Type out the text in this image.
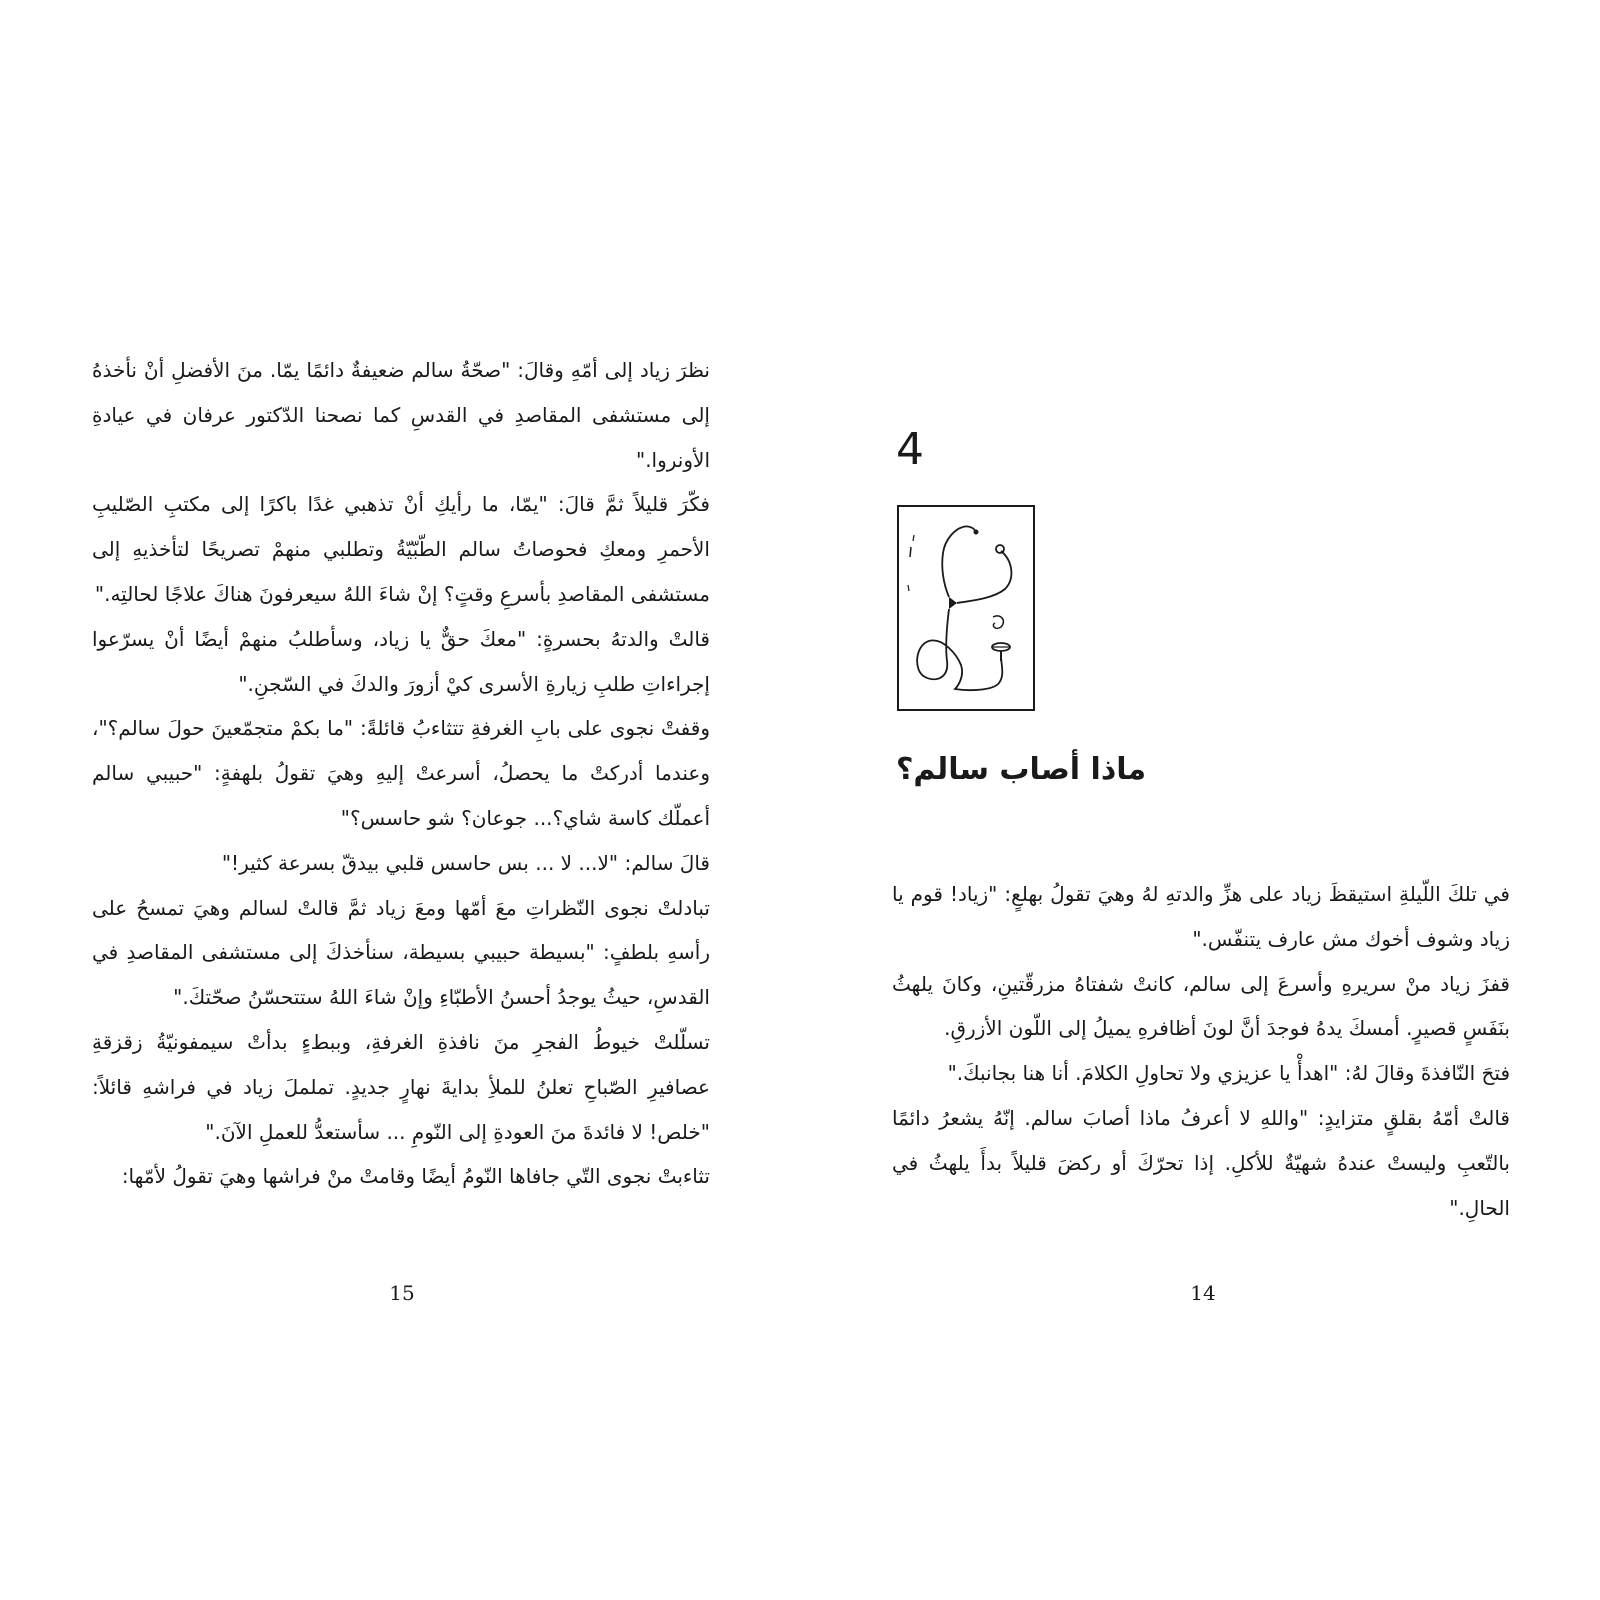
نظرَ زياد إلى أمّهِ وقالَ: "صحّةُ سالم ضعيفةٌ دائمًا يمّا. منَ الأفضلِ أنْ نأخذهُ إلى مستشفى المقاصدِ في القدسِ كما نصحنا الدّكتور عرفان في عيادةِ الأونروا."

فكّرَ قليلاً ثمَّ قالَ: "يمّا، ما رأيكِ أنْ تذهبي غدًا باكرًا إلى مكتبِ الصّليبِ الأحمرِ ومعكِ فحوصاتُ سالم الطّبّيّةُ وتطلبي منهمْ تصريحًا لتأخذيهِ إلى مستشفى المقاصدِ بأسرعِ وقتٍ؟ إنْ شاءَ اللهُ سيعرفونَ هناكَ علاجًا لحالتِه."

قالتْ والدتهُ بحسرةٍ: "معكَ حقٌّ يا زياد، وسأطلبُ منهمْ أيضًا أنْ يسرّعوا إجراءاتِ طلبِ زيارةِ الأسرى كيْ أزورَ والدكَ في السّجنِ."

وقفتْ نجوى على بابِ الغرفةِ تتثاءبُ قائلةً: "ما بكمْ متجمّعينَ حولَ سالم؟"، وعندما أدركتْ ما يحصلُ، أسرعتْ إليهِ وهيَ تقولُ بلهفةٍ: "حبيبي سالم أعملّك كاسة شاي؟... جوعان؟ شو حاسس؟"

قالَ سالم: "لا... لا ... بس حاسس قلبي بيدقّ بسرعة كثير!"

تبادلتْ نجوى النّظراتِ معَ أمّها ومعَ زياد ثمَّ قالتْ لسالم وهيَ تمسحُ على رأسهِ بلطفٍ: "بسيطة حبيبي بسيطة، سنأخذكَ إلى مستشفى المقاصدِ في القدسِ، حيثُ يوجدُ أحسنُ الأطبّاءِ وإنْ شاءَ اللهُ ستتحسّنُ صحّتكَ."

تسلّلتْ خيوطُ الفجرِ منَ نافذةِ الغرفةِ، وببطءٍ بدأتْ سيمفونيّةُ زقزقةِ عصافيرِ الصّباحِ تعلنُ للملأِ بدايةَ نهارٍ جديدٍ. تململَ زياد في فراشهِ قائلاً: "خلص! لا فائدةَ منَ العودةِ إلى النّومِ ... سأستعدُّ للعملِ الآنَ."

تثاءبتْ نجوى التّي جافاها النّومُ أيضًا وقامتْ منْ فراشها وهيَ تقولُ لأمّها:

15
4
ماذا أصاب سالم؟

في تلكَ اللّيلةِ استيقظَ زياد على هزِّ والدتهِ لهُ وهيَ تقولُ بهلعٍ: "زياد! قوم يا زياد وشوف أخوك مش عارف يتنفّس."

قفزَ زياد منْ سريرهِ وأسرعَ إلى سالم، كانتْ شفتاهُ مزرقّتينِ، وكانَ يلهثُ بنَفَسٍ قصيرٍ. أمسكَ يدهُ فوجدَ أنَّ لونَ أظافرهِ يميلُ إلى اللّون الأزرقِ.

فتحَ النّافذةَ وقالَ لهُ: "اهدأْ يا عزيزي ولا تحاولِ الكلامَ. أنا هنا بجانبكَ."

قالتْ أمّهُ بقلقٍ متزايدٍ: "واللهِ لا أعرفُ ماذا أصابَ سالم. إنّهُ يشعرُ دائمًا بالتّعبِ وليستْ عندهُ شهيّةٌ للأكلِ. إذا تحرّكَ أو ركضَ قليلاً بدأَ يلهثُ في الحالِ."

14
